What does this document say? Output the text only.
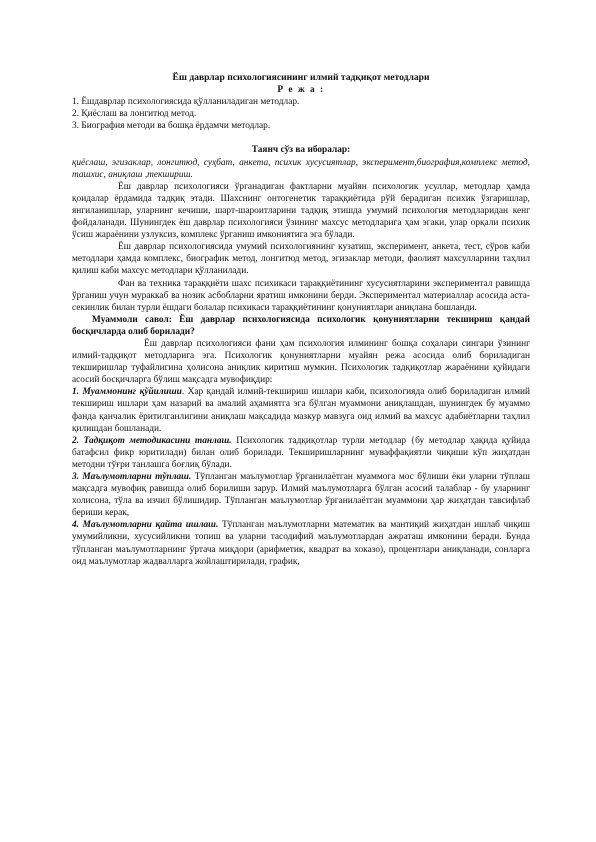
Ёш даврлар психологиясининг илмий тадқиқот методлари
Р е ж а :
1. Ёшдаврлар психологиясида қўлланиладиган методлар.
2. Қиёслаш ва лонгитюд метод.
3. Биография методи ва бошқа ёрдамчи методлар.
Таянч сўз ва иборалар:

қиёслаш, эгизаклар, лонгитюд, суҳбат, анкета, психик хусусиятлар, эксперимент,биография,комплекс метод, ташхис, аниқлаш ,текшириш.

Ёш даврлар психологияси ўрганадиган фактларни муайян психологик усуллар, методлар ҳамда қоидалар ёрдамида тадқиқ этади. Шахснинг онтогенетик тараққиётида рўй берадиган психик ўзгаришлар, янгиланишлар, уларнинг кечиши, шарт-шароитларини тадқиқ этишда умумий психология методларидан кенг фойдаланади. Шунингдек ёш даврлар психологияси ўзининг махсус методларига ҳам эгаки, улар орқали психик ўсиш жараёнини узлуксиз, комплекс ўрганиш имкониятига эга бўлади.

Ёш даврлар психологиясида умумий психологиянинг кузатиш, эксперимент, анкета, тест, сўров каби методлари ҳамда комплекс, биографик метод, лонгитюд метод, эгизаклар методи, фаолият махсулларини таҳлил қилиш каби махсус методлари қўлланилади.

Фан ва техника тараққиёти шахс психикаси тараққиётининг хусусиятларини экспериментал равишда ўрганиш учун мураккаб ва нозик асбобларни яратиш имконини берди. Экспериментал материаллар асосида аста-секинлик билан турли ёшдаги болалар психикаси тараққиётининг қонуниятлари аниқлана бошланди.

Муаммоли савол: Ёш даврлар психологиясида психологик қонуниятларни текшириш қандай босқичларда олиб борилади?

Ёш даврлар психологияси фани ҳам психология илмининг бошқа соҳалари сингари ўзининг илмий-тадқиқот методларига эга. Психологик қонуниятларни муайян режа асосида олиб бориладиган текширишлар туфайлигина ҳолисона аниқлик киритиш мумкин. Психологик тадқиқотлар жараёнини қуйидаги асосий босқичларга бўлиш мақсадга мувофиқдир:

1. Муаммонинг қўйилиши. Хар қандай илмий-текшириш ишлари каби, психологияда олиб бориладиган илмий текшириш ишлари ҳам назарий ва амалий аҳамиятга эга бўлган муаммони аниқлашдан, шунингдек бу муаммо фанда қанчалик ёритилганлигини аниқлаш мақсадида мазкур мавзуга оид илмий ва махсус адабиётларни таҳлил қилишдан бошланади.

2. Тадқиқот методикасини танлаш. Психологик тадқиқотлар турли методлар {бу методлар ҳақида қуйида батафсил фикр юритилади) билан олиб борилади. Текширишларнинг муваффақиятли чиқиши кўп жиҳатдан методни тўғри танлашга боғлиқ бўлади.

3. Маълумотларни тўплаш. Тўпланган маълумотлар ўрганилаётган муаммога мос бўлиши ёки уларни тўплаш мақсадга мувофиқ равишда олиб борилиши зарур. Илмий маълумотларга бўлган асосий талаблар - бу уларнинг холисона, тўла ва изчил бўлишидир. Тўпланган маълумотлар ўрганилаётган муаммони ҳар жиҳатдан тавсифлаб бериши керак,

4. Маълумотларни қайта ишлаш. Тўпланган маълумотларни математик ва мантиқий жиҳатдан ишлаб чиқиш умумийликни, хусусийликни топиш ва уларни тасодифий маълумотлардан ажраташ имконини беради. Бунда тўпланган маълумотларнинг ўртача миқдори (арифметик, квадрат ва хоказо), процентлари аниқланади, сонларга оид маълумотлар жадвалларга жойлаштирилади, график,
